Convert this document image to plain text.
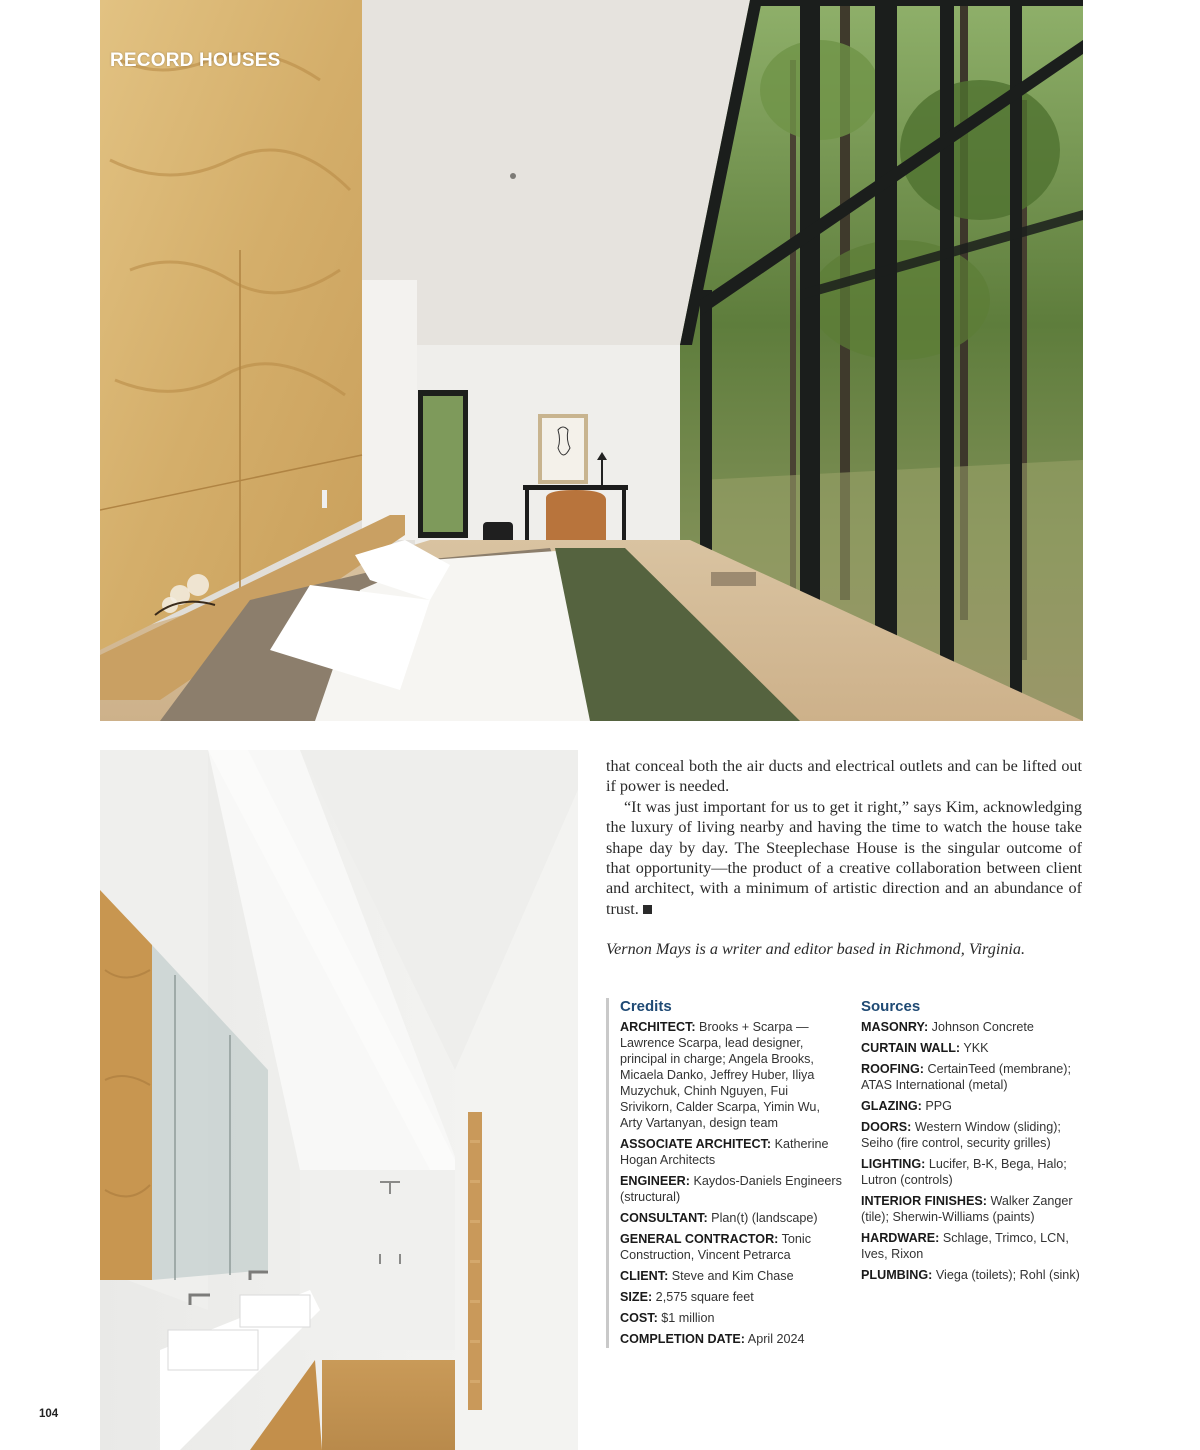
RECORD HOUSES

that conceal both the air ducts and electrical outlets and can be lifted out if power is needed.

“It was just important for us to get it right,” says Kim, acknowledging the luxury of living nearby and having the time to watch the house take shape day by day. The Steeplechase House is the singular outcome of that opportunity—the product of a creative collaboration between client and architect, with a minimum of artistic direction and an abundance of trust.

Vernon Mays is a writer and editor based in Richmond, Virginia.

Credits

ARCHITECT: Brooks + Scarpa — Lawrence Scarpa, lead designer, principal in charge; Angela Brooks, Micaela Danko, Jeffrey Huber, Iliya Muzychuk, Chinh Nguyen, Fui Srivikorn, Calder Scarpa, Yimin Wu, Arty Vartanyan, design team

ASSOCIATE ARCHITECT: Katherine Hogan Architects

ENGINEER: Kaydos-Daniels Engineers (structural)

CONSULTANT: Plan(t) (landscape)

GENERAL CONTRACTOR: Tonic Construction, Vincent Petrarca

CLIENT: Steve and Kim Chase

SIZE: 2,575 square feet

COST: $1 million

COMPLETION DATE: April 2024

Sources

MASONRY: Johnson Concrete

CURTAIN WALL: YKK

ROOFING: CertainTeed (membrane); ATAS International (metal)

GLAZING: PPG

DOORS: Western Window (sliding); Seiho (fire control, security grilles)

LIGHTING: Lucifer, B-K, Bega, Halo; Lutron (controls)

INTERIOR FINISHES: Walker Zanger (tile); Sherwin-Williams (paints)

HARDWARE: Schlage, Trimco, LCN, Ives, Rixon

PLUMBING: Viega (toilets); Rohl (sink)

104
